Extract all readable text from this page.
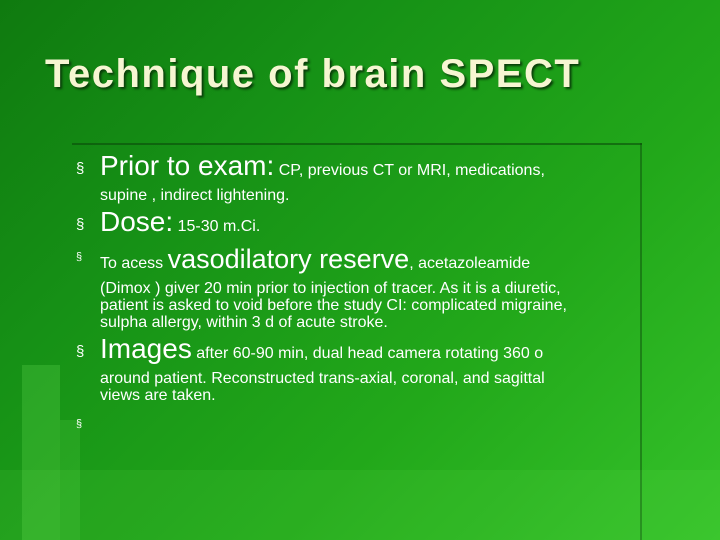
Technique of brain SPECT
§ Prior to exam: CP, previous CT or MRI, medications,
supine , indirect lightening.
§ Dose: 15-30 m.Ci.
§ To acess vasodilatory reserve, acetazoleamide
(Dimox ) giver 20 min prior to injection of tracer. As it is a diuretic,
patient is asked to void before the study CI: complicated migraine,
sulpha allergy, within 3 d of acute stroke.
§ Images after 60-90 min, dual head camera rotating 360 o
around patient. Reconstructed trans-axial, coronal, and sagittal
views are taken.
§
